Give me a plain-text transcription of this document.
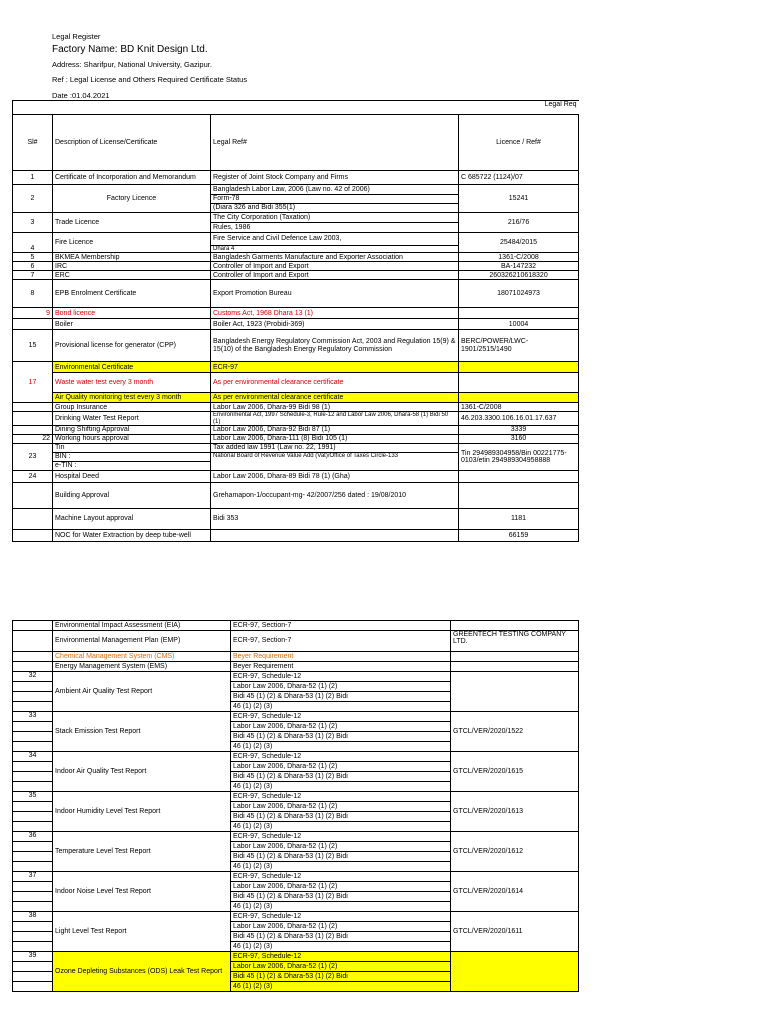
Legal Register
Factory Name: BD Knit Design Ltd.
Address: Sharifpur, National University, Gazipur.
Ref : Legal License and Others Required Certificate Status
Date :01.04.2021
Legal Req			
Sl#	Description of License/Certificate	Legal Ref#	Licence / Ref#
1	Certificate of Incorporation and Memorandum	Register of Joint Stock Company and Firms	C 685722 (1124)/07
2	Factory Licence	Bangladesh Labor Law, 2006 (Law no. 42 of 2006)	15241
		Form-78	
		(Diara 326 and Bidi 355(1)	
3	Trade Licence	The City Corporation (Taxation)	216/76
		Rules, 1986	
4	Fire Licence	Fire Service and Civil Defence Law 2003,	25484/2015
		Dhara 4	
5	BKMEA Membership	Bangladesh Garments Manufacture and Exporter Association	1361-C/2008
6	IRC	Controller of Import and Export	BA-147232
7	ERC	Controller of Import and Export	260326210618320
8	EPB Enrolment Certificate	Export Promotion Bureau	18071024973
9	Bond licence	Customs Act, 1968 Dhara 13 (1)	
	Boiler	Boiler Act, 1923 (Probidi-369)	10004
15	Provisional license for generator (CPP)	Bangladesh Energy Regulatory Commission Act, 2003 and Regulation 15(9) & 15(10) of the Bangladesh Energy Regulatory Commission	BERC/POWER/LWC-1901/2515/1490
17	Environmental Certificate	ECR-97	
	Waste water test every 3 month	As per environmental clearance certificate	
	Air Quality monitoring test every 3 month	As per environmental clearance certificate	
	Group Insurance	Labor Law 2006, Dhara-99 Bidi 98 (1)	1361-C/2008
	Drinking Water Test Report	Environmental Act, 1997 Schedule-3, Rule-12 and Labor Law 2006, Dhara-58 (1) Bidi 50 (1)	46.203.3300.106.16.01.17.637
	Dining Shifting Approval	Labor Law 2006, Dhara-92 Bidi 87 (1)	3339
22	Working hours approval	Labor Law 2006, Dhara-111 (8) Bidi 105 (1)	3160
23	Tin	Tax added law 1991 (Law no. 22, 1991)	Tin 294989304958/Bin 00221775-0103/etin 294989304958888
	BIN :	National Board of Revenue Value Add (Vat)/Office of Taxes Circle-133	
	e-TIN :		
24	Hospital Deed	Labor Law 2006, Dhara-89 Bidi 78 (1) (Gha)	
	Building Approval	Grehamapon-1/occupant-mg- 42/2007/256 dated : 19/08/2010	
	Machine Layout approval	Bidi 353	1181
	NOC for Water Extraction by deep tube-well		66159
	Environmental Impact Assessment (EIA)	ECR-97, Section-7	
	Environmental Management Plan (EMP)	ECR-97, Section-7	GREENTECH TESTING COMPANY LTD.
	Chemical Management System (CMS)	Beyer Requirement	
	Energy Management System (EMS)	Beyer Requirement	
32	Ambient Air Quality Test Report	ECR-97, Schedule-12	
		Labor Law 2006, Dhara-52 (1) (2)	
		Bidi 45 (1) (2) & Dhara-53 (1) (2) Bidi	
		46 (1) (2) (3)	
33	Stack Emission Test Report	ECR-97, Schedule-12	GTCL/VER/2020/1522
		Labor Law 2006, Dhara-52 (1) (2)	
		Bidi 45 (1) (2) & Dhara-53 (1) (2) Bidi	
		46 (1) (2) (3)	
34	Indoor Air Quality Test Report	ECR-97, Schedule-12	GTCL/VER/2020/1615
		Labor Law 2006, Dhara-52 (1) (2)	
		Bidi 45 (1) (2) & Dhara-53 (1) (2) Bidi	
		46 (1) (2) (3)	
35	Indoor Humidity Level Test Report	ECR-97, Schedule-12	GTCL/VER/2020/1613
		Labor Law 2006, Dhara-52 (1) (2)	
		Bidi 45 (1) (2) & Dhara-53 (1) (2) Bidi	
		46 (1) (2) (3)	
36	Temperature Level Test Report	ECR-97, Schedule-12	GTCL/VER/2020/1612
		Labor Law 2006, Dhara-52 (1) (2)	
		Bidi 45 (1) (2) & Dhara-53 (1) (2) Bidi	
		46 (1) (2) (3)	
37	Indoor Noise Level Test Report	ECR-97, Schedule-12	GTCL/VER/2020/1614
		Labor Law 2006, Dhara-52 (1) (2)	
		Bidi 45 (1) (2) & Dhara-53 (1) (2) Bidi	
		46 (1) (2) (3)	
38	Light Level Test Report	ECR-97, Schedule-12	GTCL/VER/2020/1611
		Labor Law 2006, Dhara-52 (1) (2)	
		Bidi 45 (1) (2) & Dhara-53 (1) (2) Bidi	
		46 (1) (2) (3)	
39	Ozone Depleting Substances (ODS) Leak Test Report	ECR-97, Schedule-12	
		Labor Law 2006, Dhara-52 (1) (2)	
		Bidi 45 (1) (2) & Dhara-53 (1) (2) Bidi	
		46 (1) (2) (3)	
